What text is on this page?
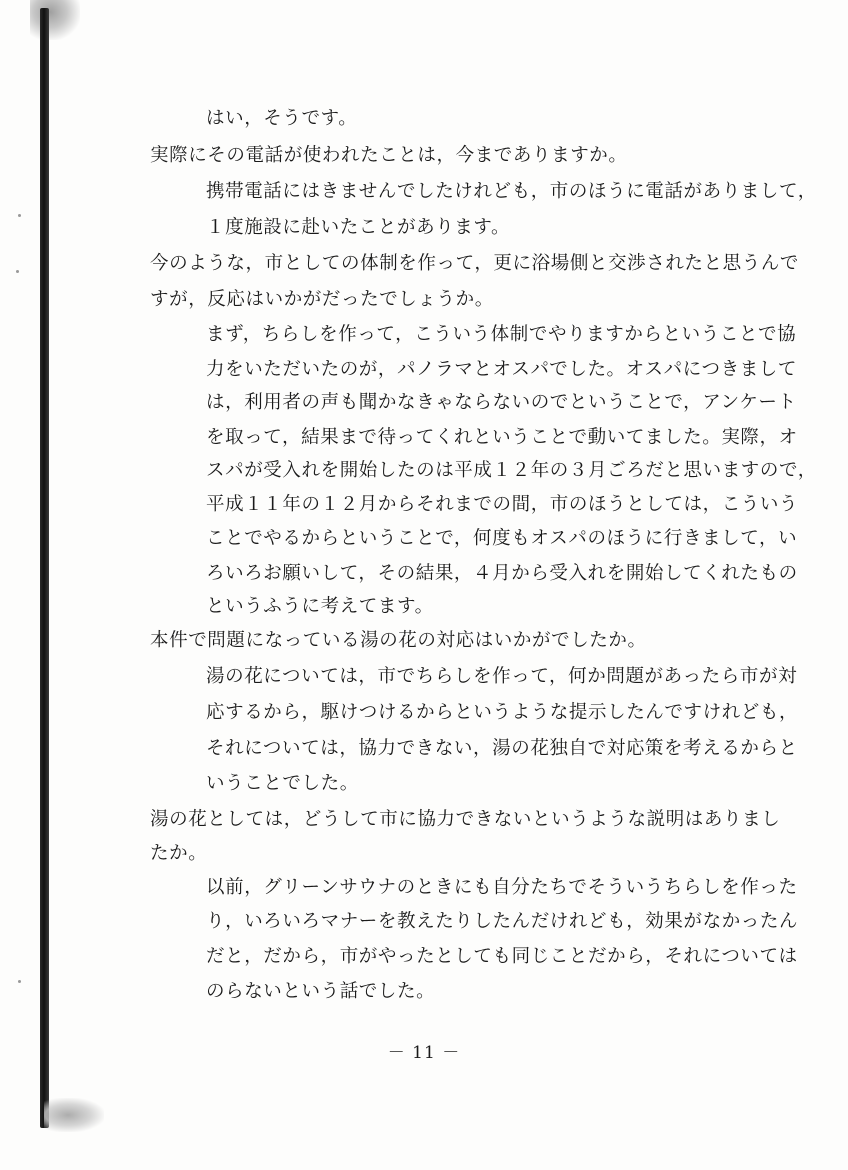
はい，そうです。
実際にその電話が使われたことは，今までありますか。
携帯電話にはきませんでしたけれども，市のほうに電話がありまして，
１度施設に赴いたことがあります。
今のような，市としての体制を作って，更に浴場側と交渉されたと思うんで
すが，反応はいかがだったでしょうか。
まず，ちらしを作って，こういう体制でやりますからということで協
力をいただいたのが，パノラマとオスパでした。オスパにつきまして
は，利用者の声も聞かなきゃならないのでということで，アンケート
を取って，結果まで待ってくれということで動いてました。実際，オ
スパが受入れを開始したのは平成１２年の３月ごろだと思いますので，
平成１１年の１２月からそれまでの間，市のほうとしては，こういう
ことでやるからということで，何度もオスパのほうに行きまして，い
ろいろお願いして，その結果，４月から受入れを開始してくれたもの
というふうに考えてます。
本件で問題になっている湯の花の対応はいかがでしたか。
湯の花については，市でちらしを作って，何か問題があったら市が対
応するから，駆けつけるからというような提示したんですけれども，
それについては，協力できない，湯の花独自で対応策を考えるからと
いうことでした。
湯の花としては，どうして市に協力できないというような説明はありまし
たか。
以前，グリーンサウナのときにも自分たちでそういうちらしを作った
り，いろいろマナーを教えたりしたんだけれども，効果がなかったん
だと，だから，市がやったとしても同じことだから，それについては
のらないという話でした。
－ 11 －
